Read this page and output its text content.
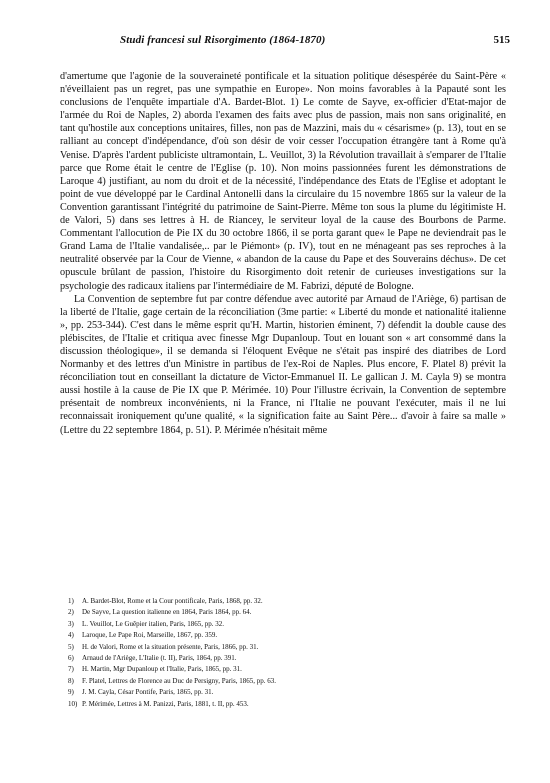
Studi francesi sul Risorgimento (1864-1870)	515

d'amertume que l'agonie de la souveraineté pontificale et la situation politique désespérée du Saint-Père « n'éveillaient pas un regret, pas une sympathie en Europe». Non moins favorables à la Papauté sont les conclusions de l'enquête impartiale d'A. Bardet-Blot. 1) Le comte de Sayve, ex-officier d'Etat-major de l'armée du Roi de Naples, 2) abordа l'examen des faits avec plus de passion, mais non sans originalité, en tant qu'hostile aux conceptions unitaires, filles, non pas de Mazzini, mais du « césarisme» (p. 13), tout en se ralliant au concept d'indépendance, d'où son désir de voir cesser l'occupation étrangère tant à Rome qu'à Venise. D'après l'ardent publiciste ultramontain, L. Veuillot, 3) la Révolution travaillait à s'emparer de l'Italie parce que Rome était le centre de l'Eglise (p. 10). Non moins passionnées furent les démonstrations de Laroque 4) justifiant, au nom du droit et de la nécessité, l'indépendance des Etats de l'Eglise et adoptant le point de vue développé par le Cardinal Antonelli dans la circulaire du 15 novembre 1865 sur la valeur de la Convention garantissant l'intégrité du patrimoine de Saint-Pierre. Même ton sous la plume du légitimiste H. de Valori, 5) dans ses lettres à H. de Riancey, le serviteur loyal de la cause des Bourbons de Parme. Commentant l'allocution de Pie IX du 30 octobre 1866, il se porta garant que« le Pape ne deviendrait pas le Grand Lama de l'Italie vandalisée,.. par le Piémont» (p. IV), tout en ne ménageant pas ses reproches à la neutralité observée par la Cour de Vienne, « abandon de la cause du Pape et des Souverains déchus». De cet opuscule brûlant de passion, l'histoire du Risorgimento doit retenir de curieuses investigations sur la psychologie des radicaux italiens par l'intermédiaire de M. Fabrizi, député de Bologne.

La Convention de septembre fut par contre défendue avec autorité par Arnaud de l'Ariège, 6) partisan de la liberté de l'Italie, gage certain de la réconciliation (3me partie: « Liberté du monde et nationalité italienne », pp. 253-344). C'est dans le même esprit qu'H. Martin, historien éminent, 7) défendit la double cause des plébiscites, de l'Italie et critiqua avec finesse Mgr Dupanloup. Tout en louant son « art consommé dans la discussion théologique», il se demanda si l'éloquent Evêque ne s'était pas inspiré des diatribes de Lord Normanby et des lettres d'un Ministre in partibus de l'ex-Roi de Naples. Plus encore, F. Platel 8) prévit la réconciliation tout en conseillant la dictature de Victor-Emmanuel II. Le gallican J. M. Cayla 9) se montra aussi hostile à la cause de Pie IX que P. Mérimée. 10) Pour l'illustre écrivain, la Convention de septembre présentait de nombreux inconvénients, ni la France, ni l'Italie ne pouvant l'exécuter, mais il ne lui reconnaissait ironiquement qu'une qualité, « la signification faite au Saint Père... d'avoir à faire sa malle » (Lettre du 22 septembre 1864, p. 51). P. Mérimée n'hésitait même

1) A. Bardet-Blot, Rome et la Cour pontificale, Paris, 1868, pp. 32.
2) De Sayve, La question italienne en 1864, Paris 1864, pp. 64.
3) L. Veuillot, Le Guêpier italien, Paris, 1865, pp. 32.
4) Laroque, Le Pape Roi, Marseille, 1867, pp. 359.
5) H. de Valori, Rome et la situation présente, Paris, 1866, pp. 31.
6) Arnaud de l'Ariège, L'Italie (t. II), Paris, 1864, pp. 391.
7) H. Martin, Mgr Dupanloup et l'Italie, Paris, 1865, pp. 31.
8) F. Platel, Lettres de Florence au Duc de Persigny, Paris, 1865, pp. 63.
9) J. M. Cayla, César Pontife, Paris, 1865, pp. 31.
10) P. Mérimée, Lettres à M. Panizzi, Paris, 1881, t. II, pp. 453.
